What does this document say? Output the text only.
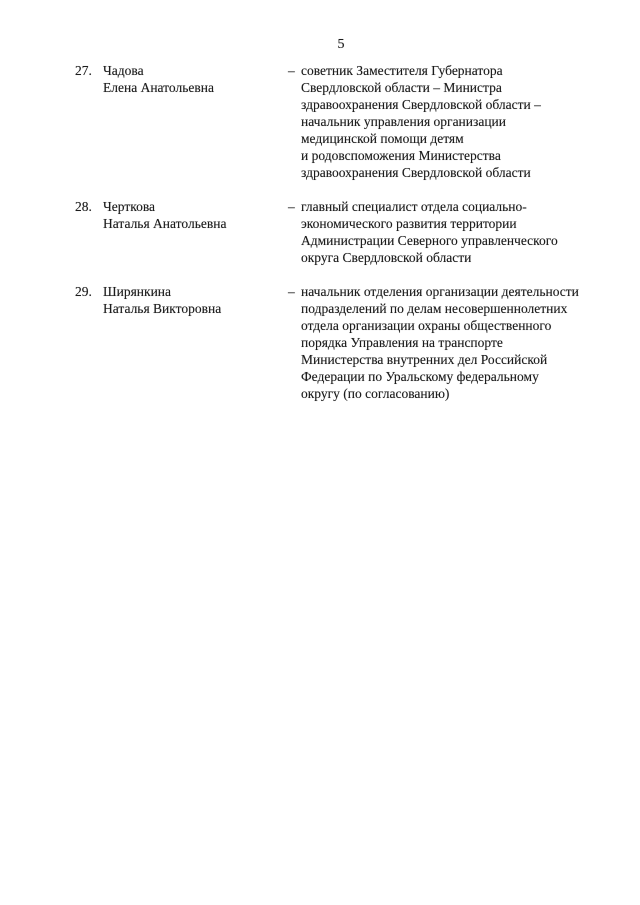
5
27. Чадова
Елена Анатольевна
– советник Заместителя Губернатора
Свердловской области – Министра
здравоохранения Свердловской области –
начальник управления организации
медицинской помощи детям
и родовспоможения Министерства
здравоохранения Свердловской области
28. Черткова
Наталья Анатольевна
– главный специалист отдела социально-
экономического развития территории
Администрации Северного управленческого
округа Свердловской области
29. Ширянкина
Наталья Викторовна
– начальник отделения организации деятельности
подразделений по делам несовершеннолетних
отдела организации охраны общественного
порядка Управления на транспорте
Министерства внутренних дел Российской
Федерации по Уральскому федеральному
округу (по согласованию)
